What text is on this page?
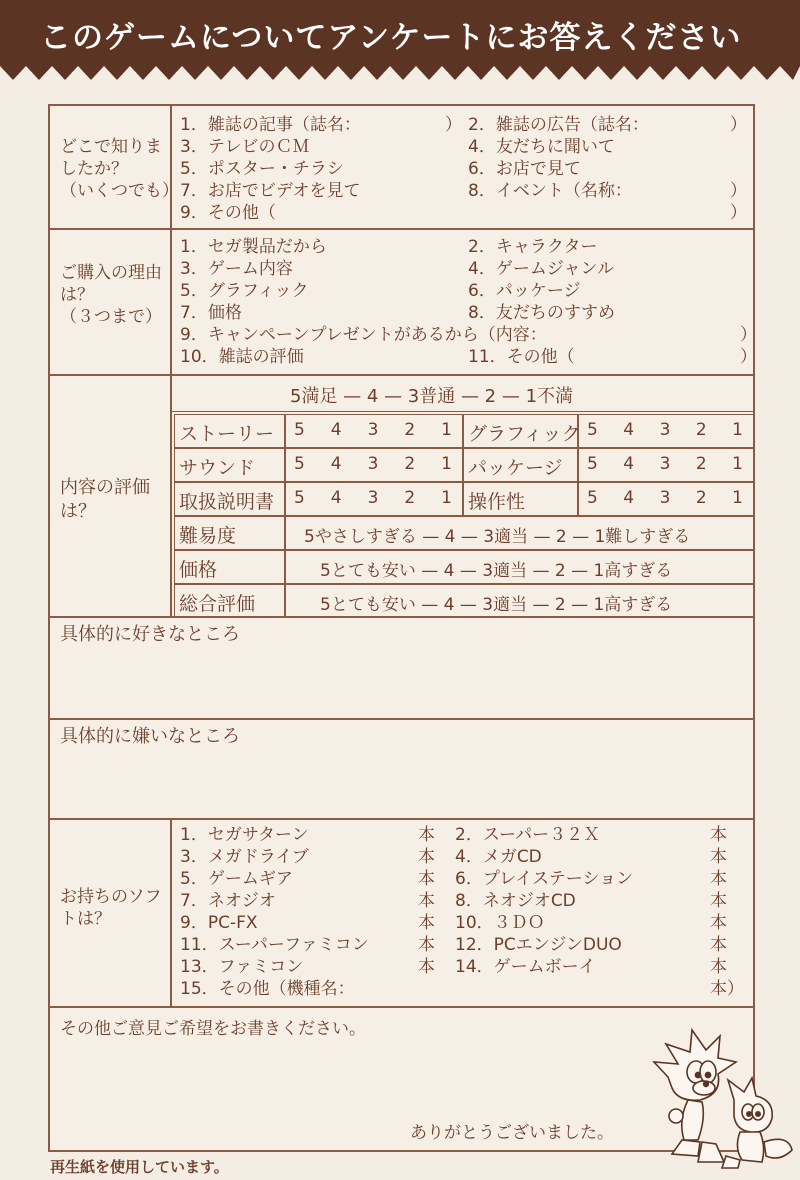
このゲームについてアンケートにお答えください
どこで知りま
したか？
（いくつでも）
1．雑誌の記事（誌名：	） 2．雑誌の広告（誌名：	）
3．テレビのＣＭ	4．友だちに聞いて
5．ポスター・チラシ	6．お店で見て
7．お店でビデオを見て	8．イベント（名称：	）
9．その他（	）
ご購入の理由
は？
（３つまで）
1．セガ製品だから	2．キャラクター
3．ゲーム内容	4．ゲームジャンル
5．グラフィック	6．パッケージ
7．価格	8．友だちのすすめ
9．キャンペーンプレゼントがあるから（内容：	）
10．雑誌の評価	11．その他（	）
内容の評価
は？
5満足 — 4 — 3普通 — 2 — 1不満
ストーリー 5 4 3 2 1 グラフィック 5 4 3 2 1
サウンド 5 4 3 2 1 パッケージ 5 4 3 2 1
取扱説明書 5 4 3 2 1 操作性	5 4 3 2 1
難易度	5やさしすぎる — 4 — 3適当 — 2 — 1難しすぎる
価格	5とても安い — 4 — 3適当 — 2 — 1高すぎる
総合評価	5とても安い — 4 — 3適当 — 2 — 1高すぎる
具体的に好きなところ
具体的に嫌いなところ
お持ちのソフ
トは？
1．セガサターン	本 2．スーパー３２Ｘ	本
3．メガドライブ	本 4．メガCD	本
5．ゲームギア	本 6．プレイステーション	本
7．ネオジオ	本 8．ネオジオCD	本
9．PC-FX	本 10．３ＤＯ	本
11．スーパーファミコン	本 12．PCエンジンDUO	本
13．ファミコン	本 14．ゲームボーイ	本
15．その他（機種名：	本）
その他ご意見ご希望をお書きください。
ありがとうございました。
再生紙を使用しています。
